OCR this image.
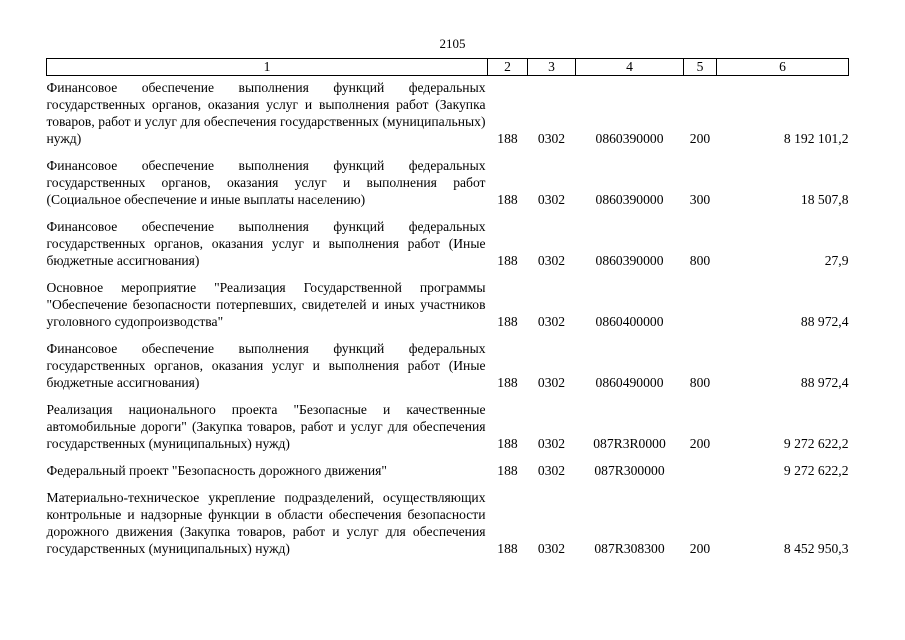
2105
1	2	3	4	5	6
Финансовое обеспечение выполнения функций федеральных государственных органов, оказания услуг и выполнения работ (Закупка товаров, работ и услуг для обеспечения государственных (муниципальных) нужд)	188	0302	0860390000	200	8 192 101,2
Финансовое обеспечение выполнения функций федеральных государственных органов, оказания услуг и выполнения работ (Социальное обеспечение и иные выплаты населению)	188	0302	0860390000	300	18 507,8
Финансовое обеспечение выполнения функций федеральных государственных органов, оказания услуг и выполнения работ (Иные бюджетные ассигнования)	188	0302	0860390000	800	27,9
Основное мероприятие "Реализация Государственной программы "Обеспечение безопасности потерпевших, свидетелей и иных участников уголовного судопроизводства"	188	0302	0860400000		88 972,4
Финансовое обеспечение выполнения функций федеральных государственных органов, оказания услуг и выполнения работ (Иные бюджетные ассигнования)	188	0302	0860490000	800	88 972,4
Реализация национального проекта "Безопасные и качественные автомобильные дороги" (Закупка товаров, работ и услуг для обеспечения государственных (муниципальных) нужд)	188	0302	087R3R0000	200	9 272 622,2
Федеральный проект "Безопасность дорожного движения"	188	0302	087R300000		9 272 622,2
Материально-техническое укрепление подразделений, осуществляющих контрольные и надзорные функции в области обеспечения безопасности дорожного движения (Закупка товаров, работ и услуг для обеспечения государственных (муниципальных) нужд)	188	0302	087R308300	200	8 452 950,3
